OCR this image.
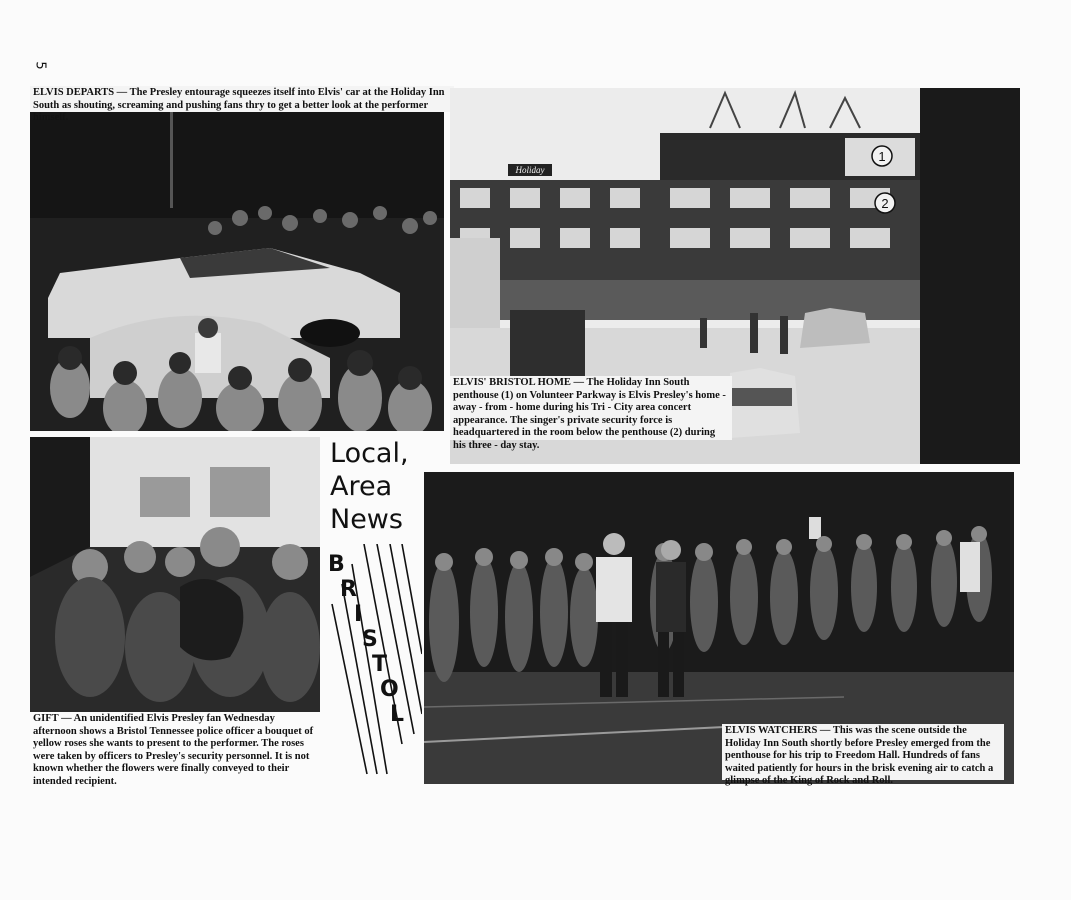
5
ELVIS DEPARTS — The Presley entourage squeezes itself into Elvis' car at the Holiday Inn South as shouting, screaming and pushing fans thry to get a better look at the performer himself.
1
2
Holiday
ELVIS' BRISTOL HOME — The Holiday Inn South penthouse (1) on Volunteer Parkway is Elvis Presley's home - away - from - home during his Tri - City area concert appearance. The singer's private security force is headquartered in the room below the penthouse (2) during his three - day stay.
GIFT — An unidentified Elvis Presley fan Wednesday afternoon shows a Bristol Tennessee police officer a bouquet of yellow roses she wants to present to the performer. The roses were taken by officers to Presley's security personnel. It is not known whether the flowers were finally conveyed to their intended recipient.
Local,
Area
News
B
R
I
S
T
O
L
ELVIS WATCHERS — This was the scene outside the Holiday Inn South shortly before Presley emerged from the penthouse for his trip to Freedom Hall. Hundreds of fans waited patiently for hours in the brisk evening air to catch a glimpse of the King of Rock and Roll.
